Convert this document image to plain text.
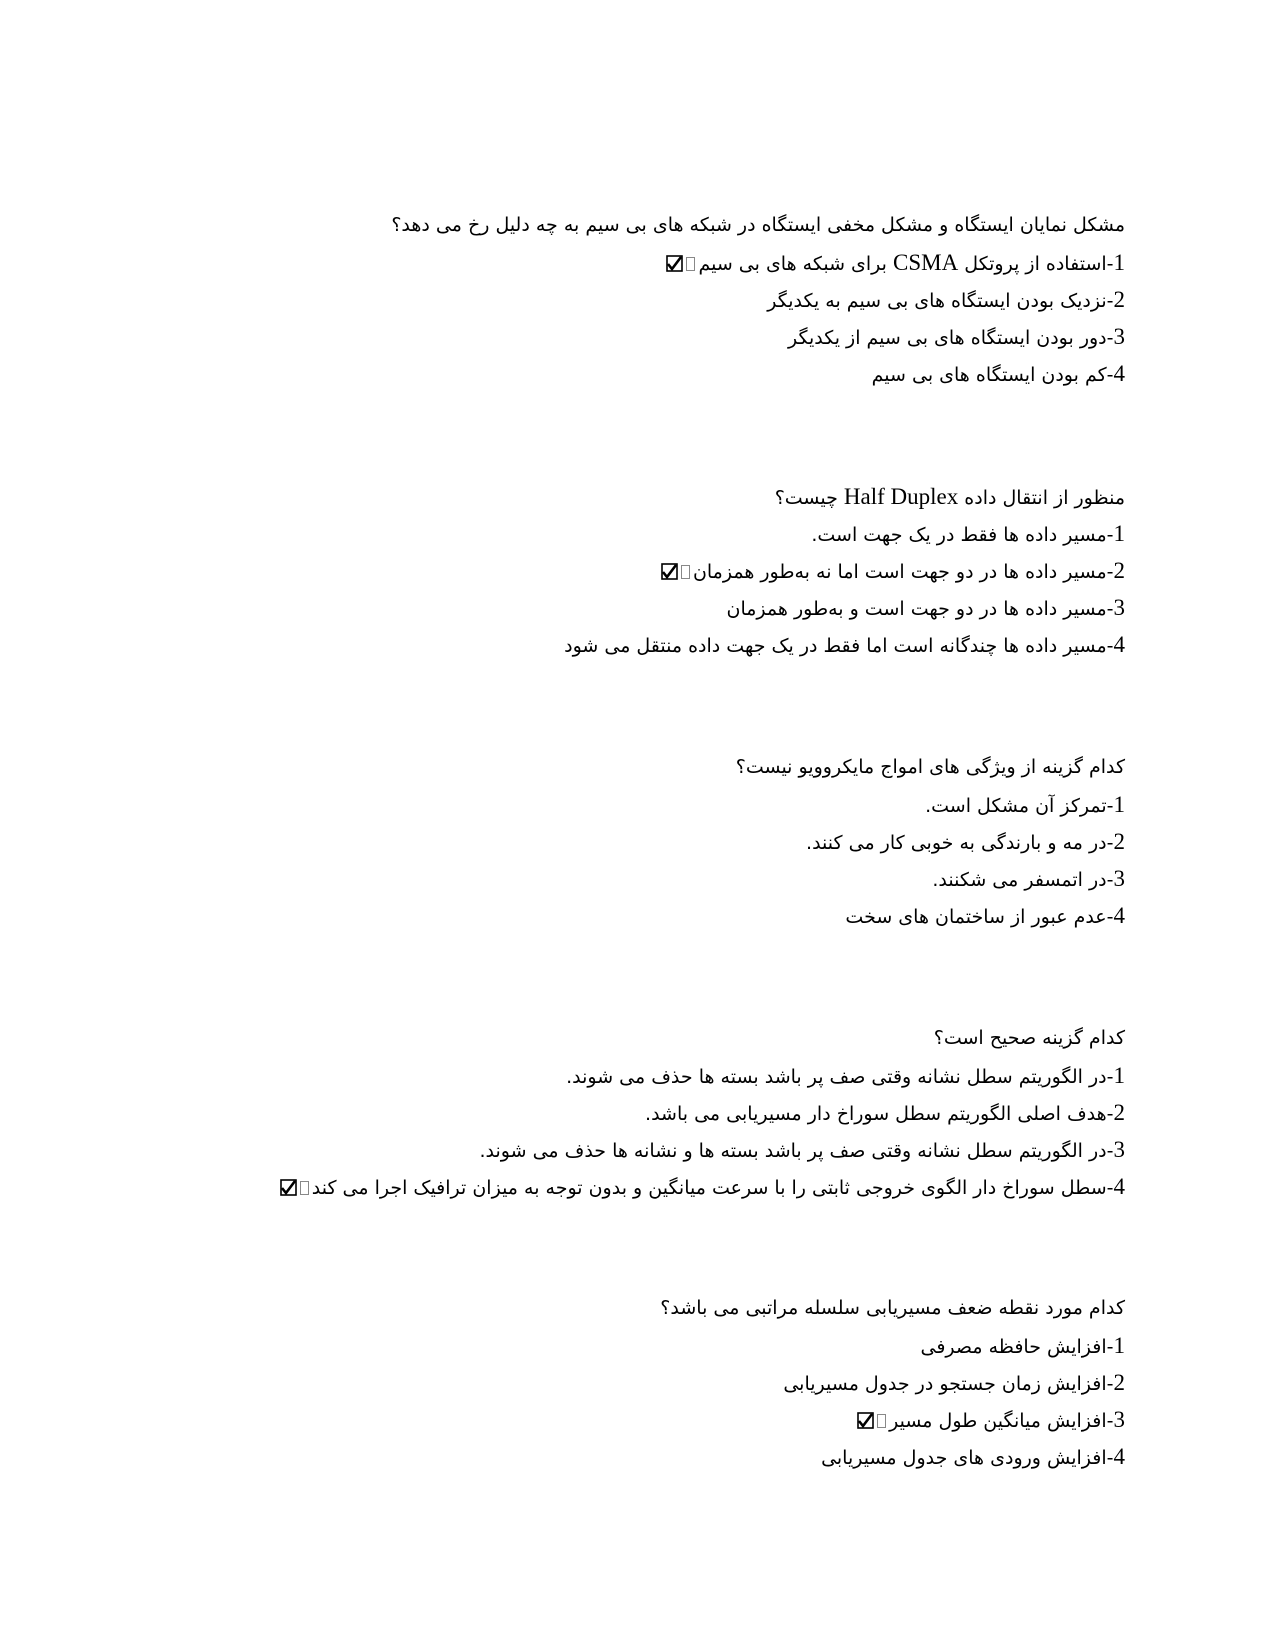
مشکل نمایان ایستگاه و مشکل مخفی ایستگاه در شبکه های بی سیم به چه دلیل رخ می دهد؟
1-استفاده از پروتکل CSMA برای شبکه های بی سیم
2-نزدیک بودن ایستگاه های بی سیم به یکدیگر
3-دور بودن ایستگاه های بی سیم از یکدیگر
4-کم بودن ایستگاه های بی سیم
منظور از انتقال داده Half Duplex چیست؟
1-مسیر داده ها فقط در یک جهت است.
2-مسیر داده ها در دو جهت است اما نه به‌طور همزمان
3-مسیر داده ها در دو جهت است و به‌طور همزمان
4-مسیر داده ها چندگانه است اما فقط در یک جهت داده منتقل می شود
کدام گزینه از ویژگی های امواج مایکروویو نیست؟
1-تمرکز آن مشکل است.
2-در مه و بارندگی به خوبی کار می کنند.
3-در اتمسفر می شکنند.
4-عدم عبور از ساختمان های سخت
کدام گزینه صحیح است؟
1-در الگوریتم سطل نشانه وقتی صف پر باشد بسته ها حذف می شوند.
2-هدف اصلی الگوریتم سطل سوراخ دار مسیریابی می باشد.
3-در الگوریتم سطل نشانه وقتی صف پر باشد بسته ها و نشانه ها حذف می شوند.
4-سطل سوراخ دار الگوی خروجی ثابتی را با سرعت میانگین و بدون توجه به میزان ترافیک اجرا می کند
کدام مورد نقطه ضعف مسیریابی سلسله مراتبی می باشد؟
1-افزایش حافظه مصرفی
2-افزایش زمان جستجو در جدول مسیریابی
3-افزایش میانگین طول مسیر
4-افزایش ورودی های جدول مسیریابی
